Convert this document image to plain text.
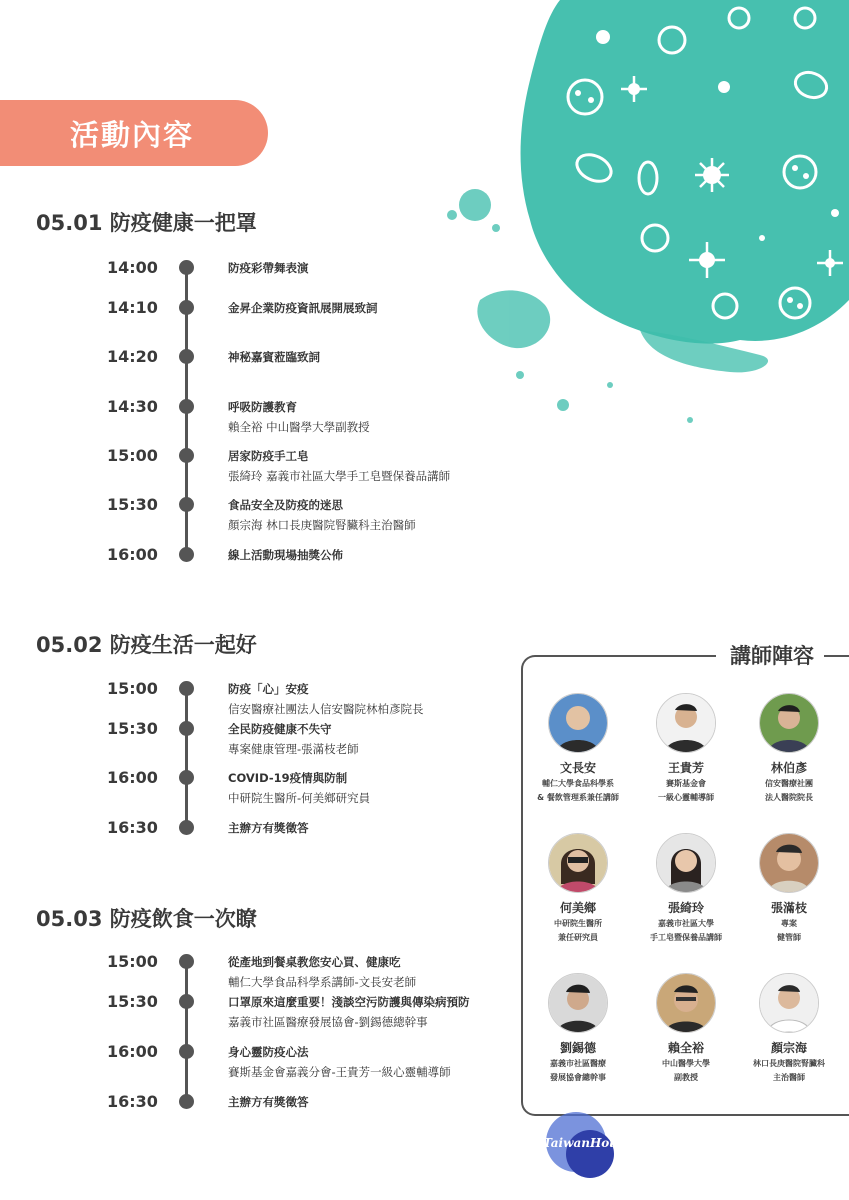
活動內容
05.01 防疫健康一把罩
14:00	防疫彩帶舞表演
14:10	金昇企業防疫資訊展開展致詞
14:20	神秘嘉賓蒞臨致詞
14:30	呼吸防護教育
賴全裕 中山醫學大學副教授
15:00	居家防疫手工皂
張綺玲 嘉義市社區大學手工皂暨保養品講師
15:30	食品安全及防疫的迷思
顏宗海 林口長庚醫院腎臟科主治醫師
16:00	線上活動現場抽獎公佈
05.02 防疫生活一起好
15:00	防疫「心」安疫
信安醫療社團法人信安醫院林柏彥院長
15:30	全民防疫健康不失守
專案健康管理-張滿枝老師
16:00	COVID-19疫情與防制
中研院生醫所-何美鄉研究員
16:30	主辦方有獎徵答
05.03 防疫飲食一次瞭
15:00	從產地到餐桌教您安心買、健康吃
輔仁大學食品科學系講師-文長安老師
15:30	口罩原來這麼重要！淺談空污防護與傳染病預防
嘉義市社區醫療發展協會-劉錫德總幹事
16:00	身心靈防疫心法
賽斯基金會嘉義分會-王貴芳一級心靈輔導師
16:30	主辦方有獎徵答
講師陣容
文長安
輔仁大學食品科學系
& 餐飲管理系兼任講師
王貴芳
賽斯基金會
一級心靈輔導師
林伯彥
信安醫療社團
法人醫院院長
何美鄉
中研院生醫所
兼任研究員
張綺玲
嘉義市社區大學
手工皂暨保養品講師
張滿枝
專案
健管師
劉錫德
嘉義市社區醫療
發展協會總幹事
賴全裕
中山醫學大學
副教授
顏宗海
林口長庚醫院腎臟科
主治醫師
TaiwanHot
